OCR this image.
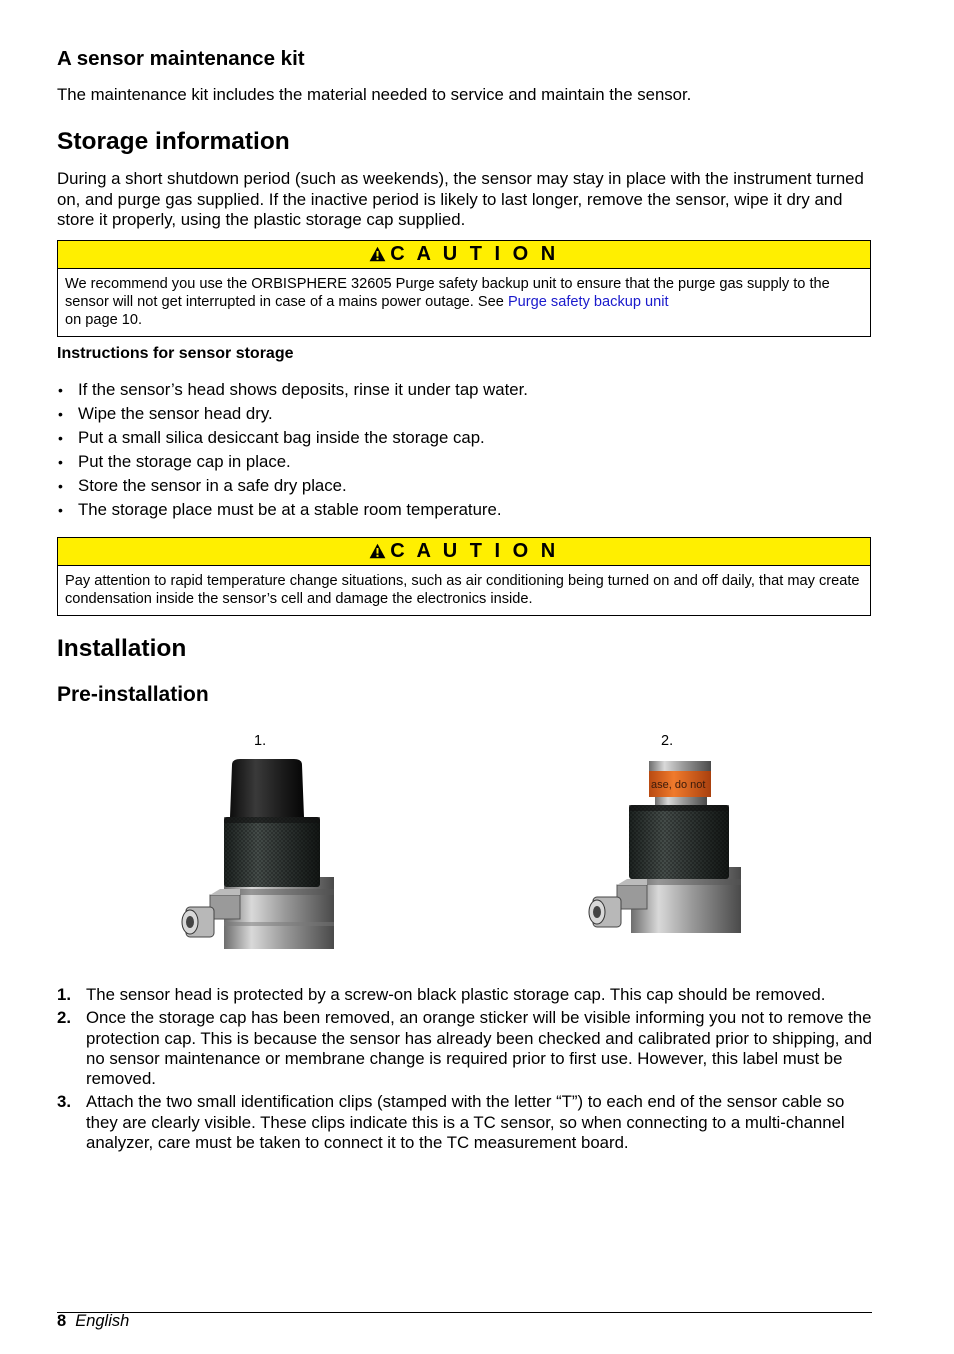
A sensor maintenance kit

The maintenance kit includes the material needed to service and maintain the sensor.

Storage information

During a short shutdown period (such as weekends), the sensor may stay in place with the instrument turned on, and purge gas supplied. If the inactive period is likely to last longer, remove the sensor, wipe it dry and store it properly, using the plastic storage cap supplied.

C A U T I O N
We recommend you use the ORBISPHERE 32605 Purge safety backup unit to ensure that the purge gas supply to the sensor will not get interrupted in case of a mains power outage. See Purge safety backup unit
on page 10.
Instructions for sensor storage
• If the sensor’s head shows deposits, rinse it under tap water.
• Wipe the sensor head dry.
• Put a small silica desiccant bag inside the storage cap.
• Put the storage cap in place.
• Store the sensor in a safe dry place.
• The storage place must be at a stable room temperature.
C A U T I O N
Pay attention to rapid temperature change situations, such as air conditioning being turned on and off daily, that may create condensation inside the sensor’s cell and damage the electronics inside.
Installation
Pre-installation
1.	2.
ase, do not
1. The sensor head is protected by a screw-on black plastic storage cap. This cap should be removed.
2. Once the storage cap has been removed, an orange sticker will be visible informing you not to remove the protection cap. This is because the sensor has already been checked and calibrated prior to shipping, and no sensor maintenance or membrane change is required prior to first use. However, this label must be removed.
3. Attach the two small identification clips (stamped with the letter “T”) to each end of the sensor cable so they are clearly visible. These clips indicate this is a TC sensor, so when connecting to a multi-channel analyzer, care must be taken to connect it to the TC measurement board.
8 English
